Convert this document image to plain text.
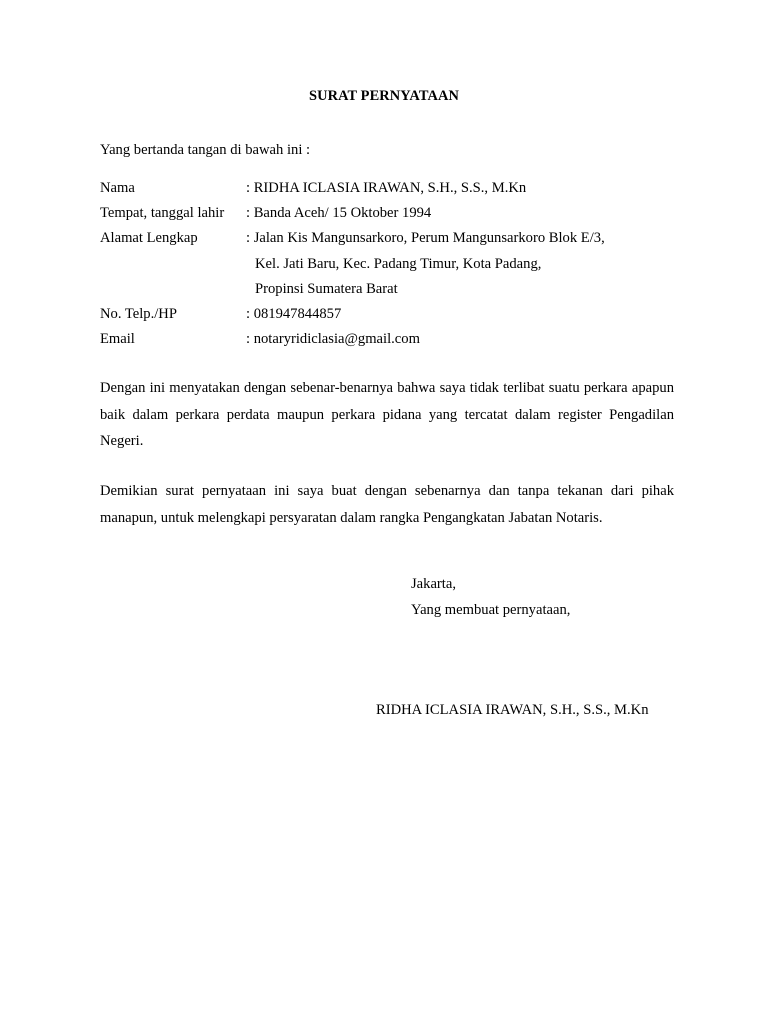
SURAT PERNYATAAN
Yang bertanda tangan di bawah ini :
Nama	: RIDHA ICLASIA IRAWAN, S.H., S.S., M.Kn
Tempat, tanggal lahir : Banda Aceh/ 15 Oktober 1994
Alamat Lengkap	: Jalan Kis Mangunsarkoro, Perum Mangunsarkoro Blok E/3,
Kel. Jati Baru, Kec. Padang Timur, Kota Padang,
Propinsi Sumatera Barat
No. Telp./HP	: 081947844857
Email	: notaryridiclasia@gmail.com
Dengan ini menyatakan dengan sebenar-benarnya bahwa saya tidak terlibat suatu perkara apapun baik dalam perkara perdata maupun perkara pidana yang tercatat dalam register Pengadilan Negeri.
Demikian surat pernyataan ini saya buat dengan sebenarnya dan tanpa tekanan dari pihak manapun, untuk melengkapi persyaratan dalam rangka Pengangkatan Jabatan Notaris.
Jakarta,
Yang membuat pernyataan,
RIDHA ICLASIA IRAWAN, S.H., S.S., M.Kn
